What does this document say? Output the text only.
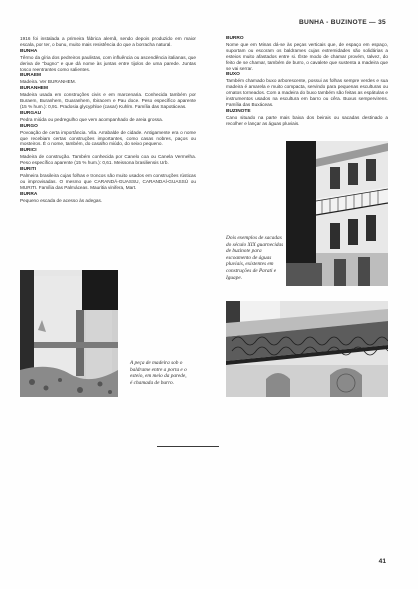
BUNHA - BUZINOTE — 35
1916 foi instalada a primeira fábrica alemã, sendo depois produzido em maior escala, por ter, o bunu, muito mais resistência do que a borracha natural.
BUNHA
Têrmo da gíria dos pedreiros paulistas, com influência ou ascendência italianas, que deriva de "bugno" e que dá nome às juntas entre tijolos de uma parede. Juntas tosco reentrantes como salientes.
BURAEM
Madeira. Ver BURANHEM.
BURANHEM
Madeira usada em construções civis e em marcenaria. Conhecida também por Buraem, Buranhem, Guaranhem, Ibiracem e Pau doce. Peso específico aparente (15 % hum.): 0,91. Pradosia glycyphloe (casar) Kuhlm. Família das Sapotáceas.
BURGAU
Pedra miúda ou pedregulho que vem acompanhado de areia grossa.
BURGO
Povoação de certa importância. Vila. Arrabalde de cidade. Antigamente era o nome que recebiam certas construções importantes, como casas nobres, paços ou mosteiros. É o nome, também, do casalho miúdo, do seixo pequeno.
BURICI
Madeira de construção. Também conhecida por Canelo coa ou Canela Vermelha. Peso específico aparente (15 % hum.): 0,61. Meissona brasiliensis Urb.
BURITI
Palmeira brasileira cujas folhas e troncos são muito usados em construções rústicas ou improvisadas. O mesmo que CARANDÁ-GUASSU, CARANDAÍ-GUASSÚ ou MURITI. Família das Palmáceas. Mauritia vinifera, Mart.
BURRA
Pequeno escada de acesso às adegas.
BURRO
Nome que em Minas dá-se às peças verticais que, de espaço em espaço, suportam ou escoram os baldrames cujas extremidades são solidárias a esteios muito afastados entre si. Êste modo de chamar provém, talvez, do feito de se chamar, também de burro, o cavalete que sustenta a madeira que se vai serrar.
BUXO
Também chamado buxo arborescente, possui as folhas sempre verdes e sua madeira é amarela e muito compacta, servindo para pequenas esculturas ou ornatos torneados. Com a madeira do buxo também são feitas as espátulas e instrumentos usados na escultura em barro ou cêra. Buxus sempervirens. Família das Buxáceas.
BUZINOTE
Cano situado na parte mais baixa dos beirais ou sacadas destinado a recolher e lançar as águas pluviais.
Dois exemplos de sacadas do século XIX guarnecidas de buzinote para escoamento de águas pluviais, existentes em construções de Parati e Iguape.
A peça de madeira sob o baldrame entre a porta e o esteio, em meio da parede, é chamada de burro.
41
